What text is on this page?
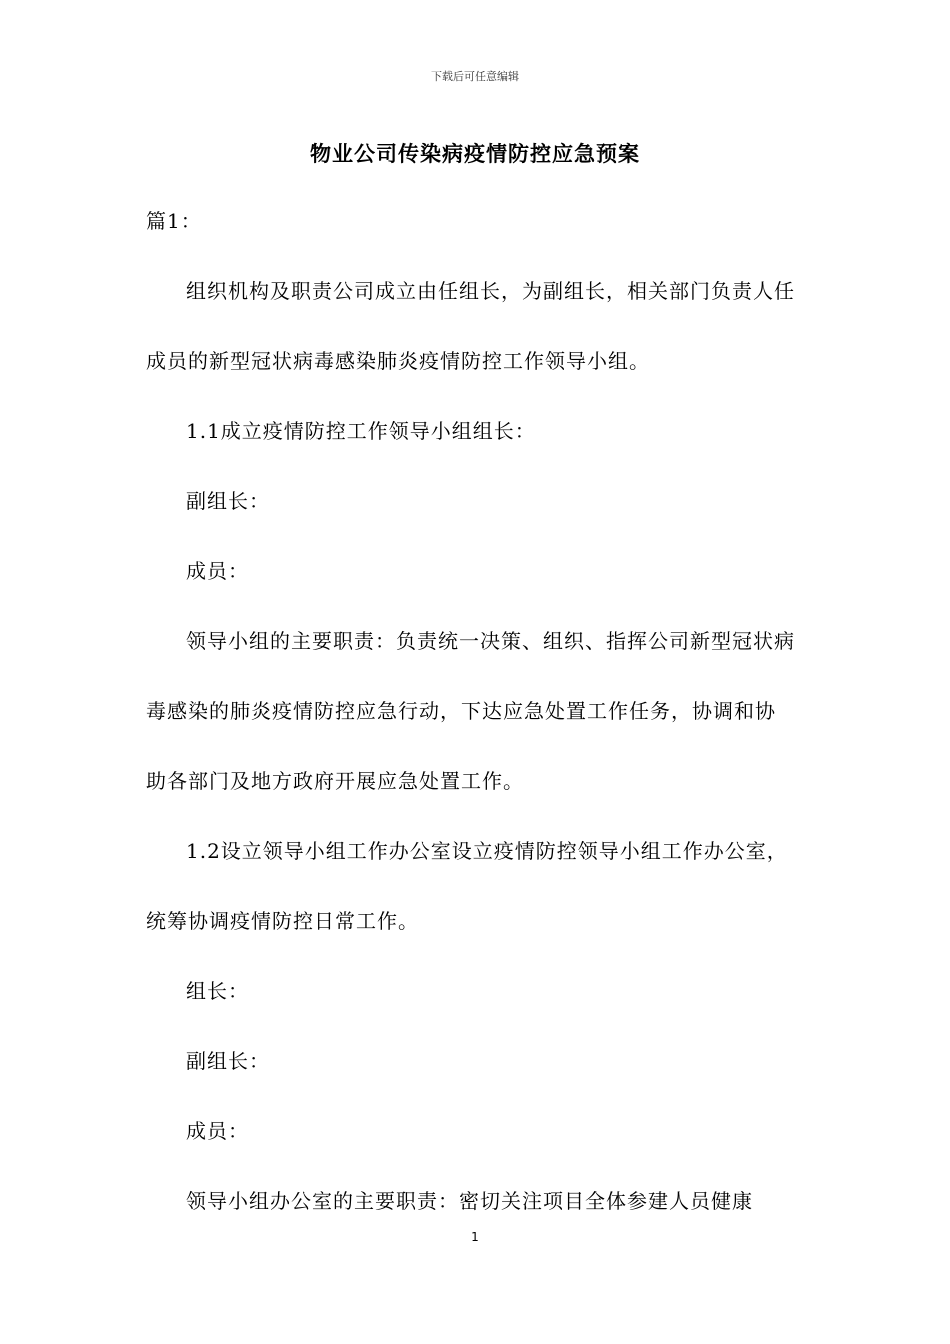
下载后可任意编辑
物业公司传染病疫情防控应急预案

篇1：

组织机构及职责公司成立由任组长，为副组长，相关部门负责人任成员的新型冠状病毒感染肺炎疫情防控工作领导小组。

1.1成立疫情防控工作领导小组组长：

副组长：

成员：

领导小组的主要职责：负责统一决策、组织、指挥公司新型冠状病毒感染的肺炎疫情防控应急行动，下达应急处置工作任务，协调和协助各部门及地方政府开展应急处置工作。

1.2设立领导小组工作办公室设立疫情防控领导小组工作办公室，统筹协调疫情防控日常工作。

组长：

副组长：

成员：

领导小组办公室的主要职责：密切关注项目全体参建人员健康

1
